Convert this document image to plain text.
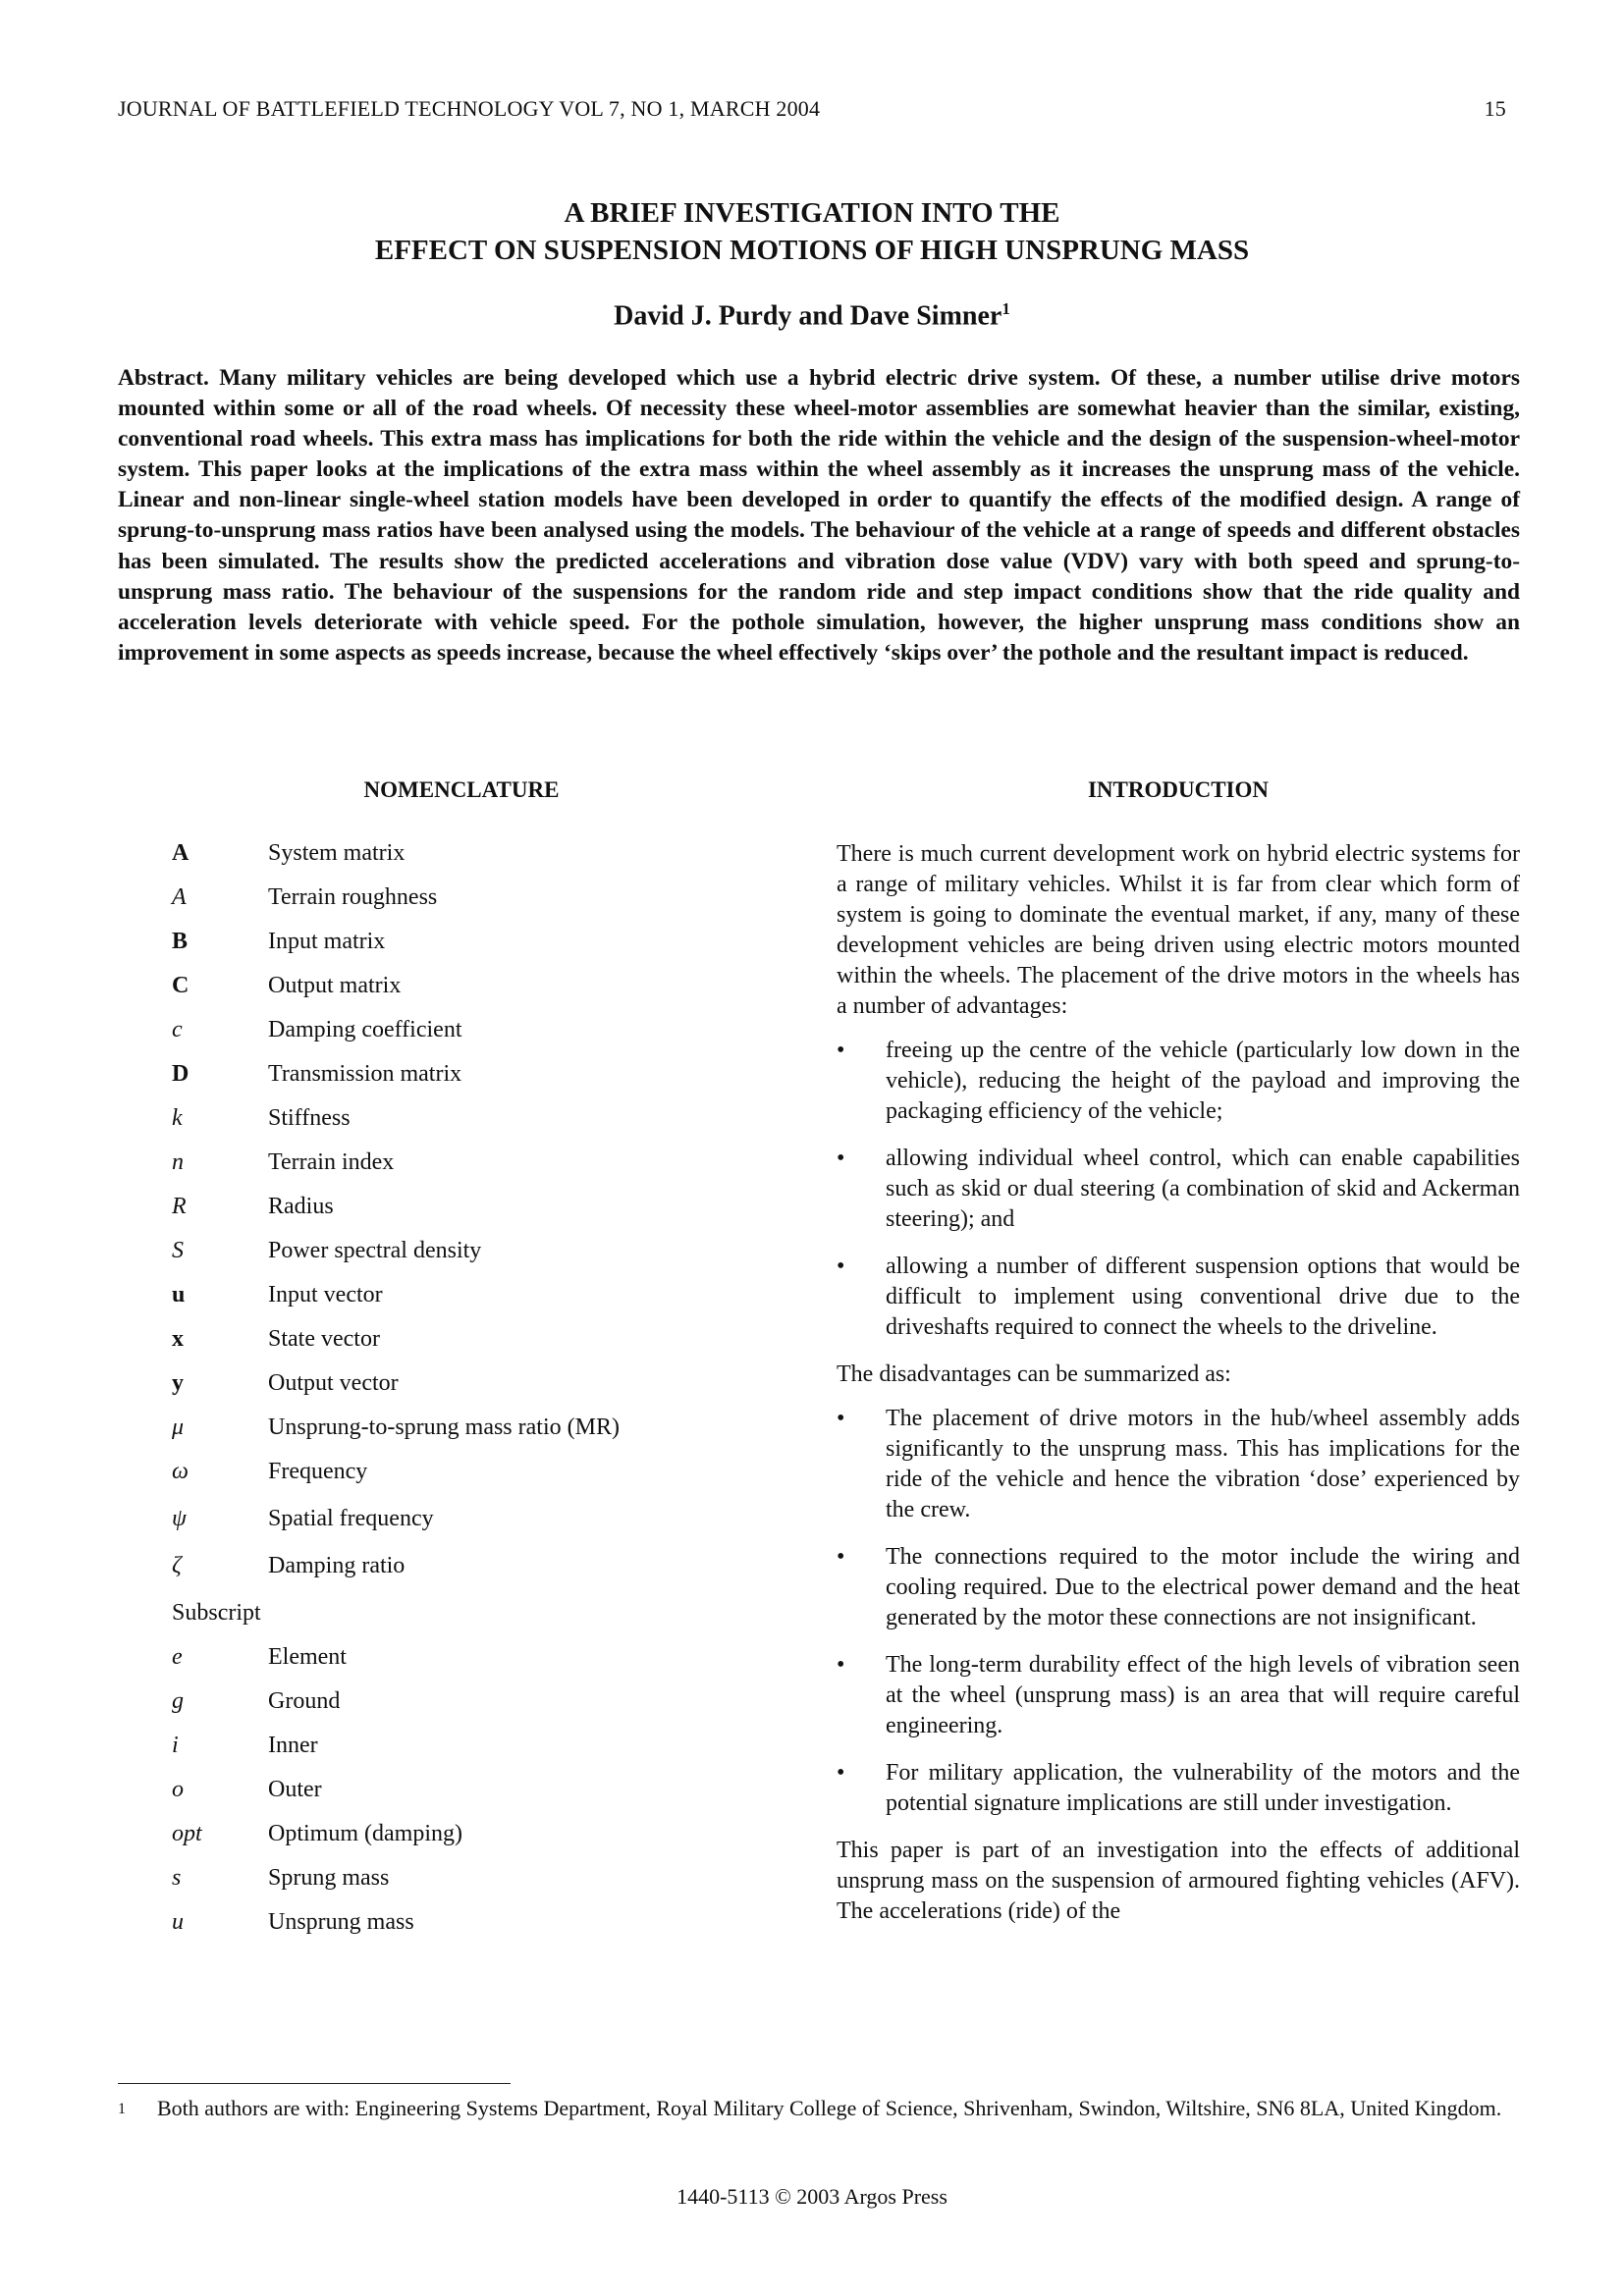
JOURNAL OF BATTLEFIELD TECHNOLOGY VOL 7, NO 1, MARCH 2004	15
A BRIEF INVESTIGATION INTO THE
EFFECT ON SUSPENSION MOTIONS OF HIGH UNSPRUNG MASS
David J. Purdy and Dave Simner$^1$
Abstract. Many military vehicles are being developed which use a hybrid electric drive system. Of these, a number utilise drive motors mounted within some or all of the road wheels. Of necessity these wheel-motor assemblies are somewhat heavier than the similar, existing, conventional road wheels. This extra mass has implications for both the ride within the vehicle and the design of the suspension-wheel-motor system. This paper looks at the implications of the extra mass within the wheel assembly as it increases the unsprung mass of the vehicle. Linear and non-linear single-wheel station models have been developed in order to quantify the effects of the modified design. A range of sprung-to-unsprung mass ratios have been analysed using the models. The behaviour of the vehicle at a range of speeds and different obstacles has been simulated. The results show the predicted accelerations and vibration dose value (VDV) vary with both speed and sprung-to-unsprung mass ratio. The behaviour of the suspensions for the random ride and step impact conditions show that the ride quality and acceleration levels deteriorate with vehicle speed. For the pothole simulation, however, the higher unsprung mass conditions show an improvement in some aspects as speeds increase, because the wheel effectively ‘skips over’ the pothole and the resultant impact is reduced.
NOMENCLATURE	INTRODUCTION
A	System matrix
A	Terrain roughness
B	Input matrix
C	Output matrix
c	Damping coefficient
D	Transmission matrix
k	Stiffness
n	Terrain index
R	Radius
S	Power spectral density
u	Input vector
x	State vector
y	Output vector
μ	Unsprung-to-sprung mass ratio (MR)
ω	Frequency
ψ	Spatial frequency
ζ	Damping ratio
Subscript
e	Element
g	Ground
i	Inner
o	Outer
opt	Optimum (damping)
s	Sprung mass
u	Unsprung mass

There is much current development work on hybrid electric systems for a range of military vehicles. Whilst it is far from clear which form of system is going to dominate the eventual market, if any, many of these development vehicles are being driven using electric motors mounted within the wheels. The placement of the drive motors in the wheels has a number of advantages:

• freeing up the centre of the vehicle (particularly low down in the vehicle), reducing the height of the payload and improving the packaging efficiency of the vehicle;
• allowing individual wheel control, which can enable capabilities such as skid or dual steering (a combination of skid and Ackerman steering); and
• allowing a number of different suspension options that would be difficult to implement using conventional drive due to the driveshafts required to connect the wheels to the driveline.

The disadvantages can be summarized as:

• The placement of drive motors in the hub/wheel assembly adds significantly to the unsprung mass. This has implications for the ride of the vehicle and hence the vibration ‘dose’ experienced by the crew.
• The connections required to the motor include the wiring and cooling required. Due to the electrical power demand and the heat generated by the motor these connections are not insignificant.
• The long-term durability effect of the high levels of vibration seen at the wheel (unsprung mass) is an area that will require careful engineering.
• For military application, the vulnerability of the motors and the potential signature implications are still under investigation.

This paper is part of an investigation into the effects of additional unsprung mass on the suspension of armoured fighting vehicles (AFV). The accelerations (ride) of the

1	Both authors are with: Engineering Systems Department, Royal Military College of Science, Shrivenham, Swindon, Wiltshire, SN6 8LA, United Kingdom.
1440-5113 © 2003 Argos Press
